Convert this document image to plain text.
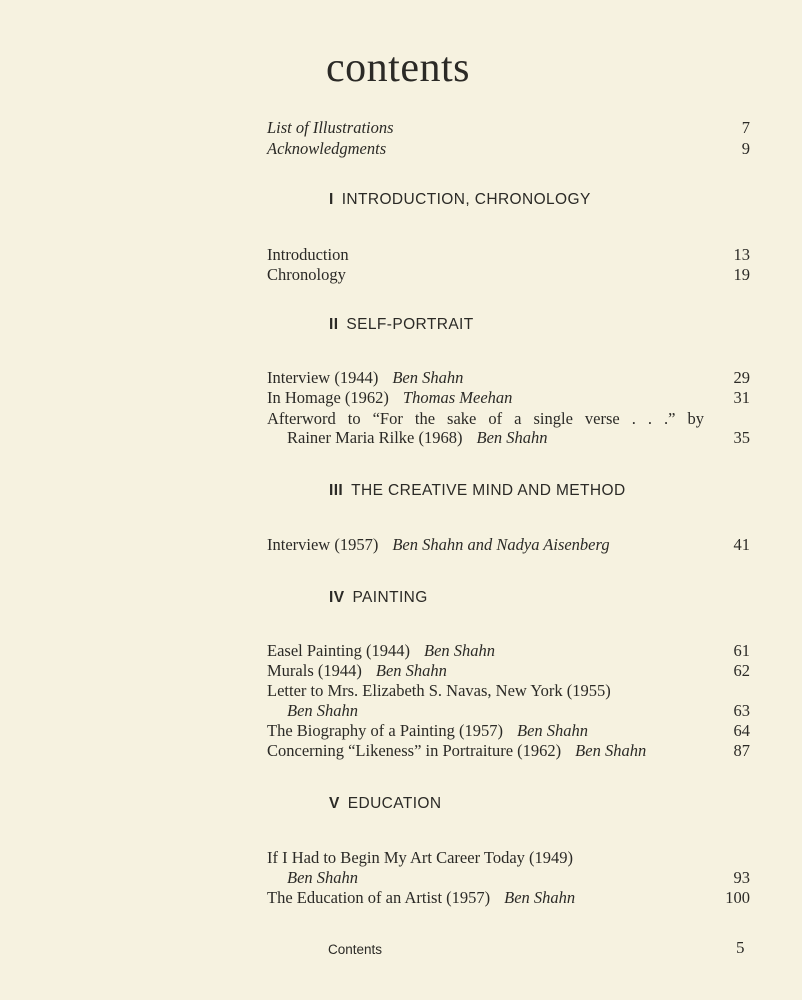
contents
List of Illustrations	7
Acknowledgments	9
I INTRODUCTION, CHRONOLOGY
Introduction	13
Chronology	19
II SELF-PORTRAIT
Interview (1944) Ben Shahn	29
In Homage (1962) Thomas Meehan	31
Afterword to “For the sake of a single verse . . .” by
Rainer Maria Rilke (1968) Ben Shahn	35
III THE CREATIVE MIND AND METHOD
Interview (1957) Ben Shahn and Nadya Aisenberg	41
IV PAINTING
Easel Painting (1944) Ben Shahn	61
Murals (1944) Ben Shahn	62
Letter to Mrs. Elizabeth S. Navas, New York (1955)
Ben Shahn	63
The Biography of a Painting (1957) Ben Shahn	64
Concerning “Likeness” in Portraiture (1962) Ben Shahn	87
V EDUCATION
If I Had to Begin My Art Career Today (1949)
Ben Shahn	93
The Education of an Artist (1957) Ben Shahn	100
Contents	5
